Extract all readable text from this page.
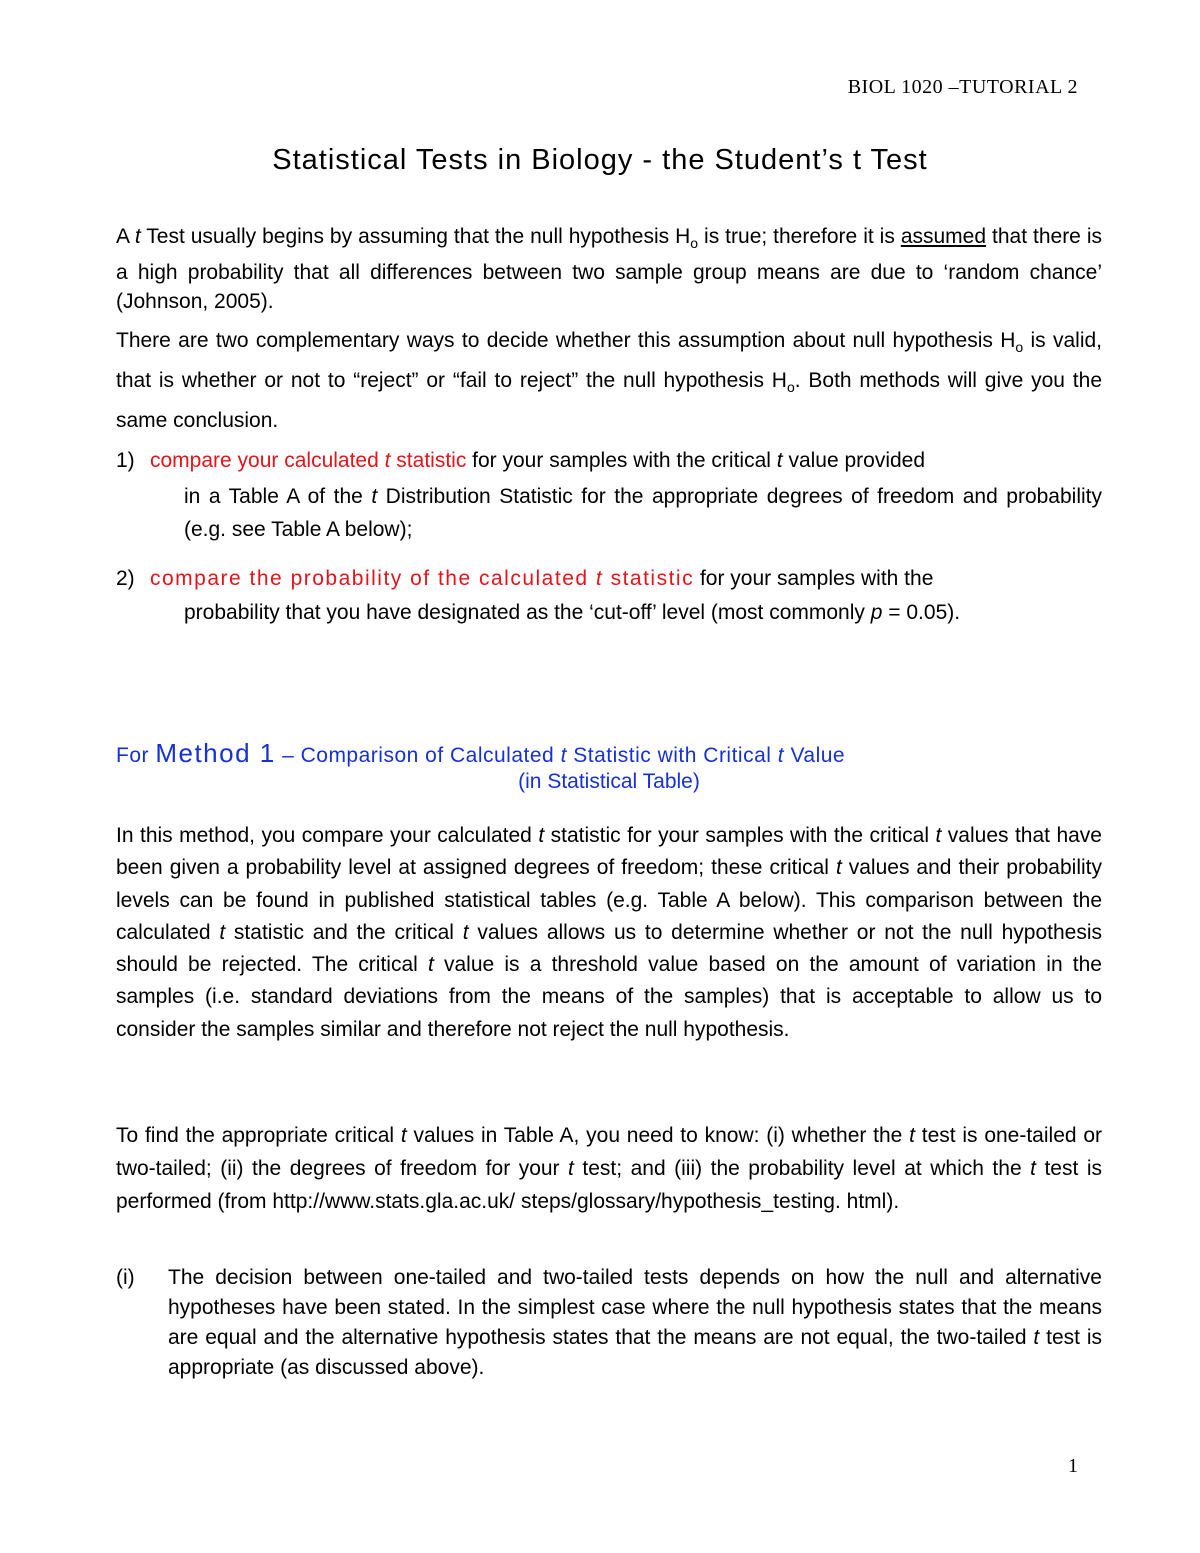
BIOL 1020 –TUTORIAL 2
Statistical Tests in Biology - the Student’s t Test

A t Test usually begins by assuming that the null hypothesis $H_o$ is true; therefore it is assumed that there is a high probability that all differences between two sample group means are due to ‘random chance’ (Johnson, 2005).

There are two complementary ways to decide whether this assumption about null hypothesis $H_o$ is valid, that is whether or not to “reject” or “fail to reject” the null hypothesis $H_o$. Both methods will give you the same conclusion.

1) compare your calculated t statistic for your samples with the critical t value provided
in a Table A of the t Distribution Statistic for the appropriate degrees of freedom and probability (e.g. see Table A below);
2) compare the probability of the calculated t statistic for your samples with the
probability that you have designated as the ‘cut-off’ level (most commonly p = 0.05).
For Method 1 – Comparison of Calculated t Statistic with Critical t Value
(in Statistical Table)

In this method, you compare your calculated t statistic for your samples with the critical t values that have been given a probability level at assigned degrees of freedom; these critical t values and their probability levels can be found in published statistical tables (e.g. Table A below). This comparison between the calculated t statistic and the critical t values allows us to determine whether or not the null hypothesis should be rejected. The critical t value is a threshold value based on the amount of variation in the samples (i.e. standard deviations from the means of the samples) that is acceptable to allow us to consider the samples similar and therefore not reject the null hypothesis.

To find the appropriate critical t values in Table A, you need to know: (i) whether the t test is one-tailed or two-tailed; (ii) the degrees of freedom for your t test; and (iii) the probability level at which the t test is performed (from http://www.stats.gla.ac.uk/ steps/glossary/hypothesis_testing. html).

(i) The decision between one-tailed and two-tailed tests depends on how the null and alternative hypotheses have been stated. In the simplest case where the null hypothesis states that the means are equal and the alternative hypothesis states that the means are not equal, the two-tailed t test is appropriate (as discussed above).
1
